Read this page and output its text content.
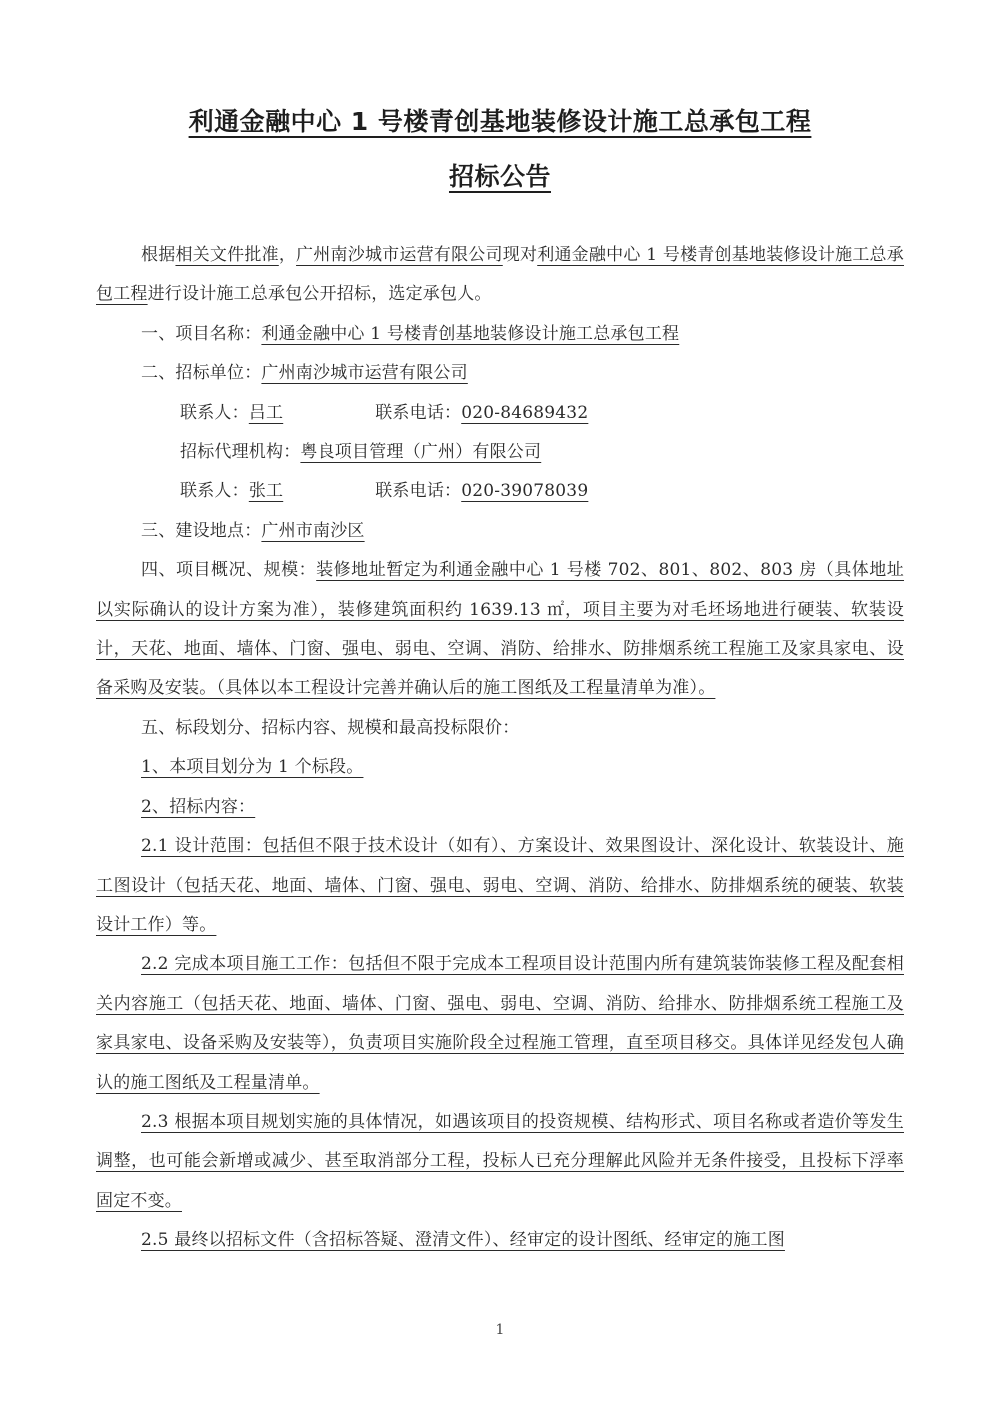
利通金融中心 1 号楼青创基地装修设计施工总承包工程
招标公告

根据相关文件批准，广州南沙城市运营有限公司现对利通金融中心 1 号楼青创基地装修设计施工总承包工程进行设计施工总承包公开招标，选定承包人。

一、项目名称：利通金融中心 1 号楼青创基地装修设计施工总承包工程

二、招标单位：广州南沙城市运营有限公司

联系人：吕工	联系电话：020-84689432

招标代理机构：粤良项目管理（广州）有限公司

联系人：张工	联系电话：020-39078039

三、建设地点：广州市南沙区

四、项目概况、规模：装修地址暂定为利通金融中心 1 号楼 702、801、802、803 房（具体地址以实际确认的设计方案为准），装修建筑面积约 1639.13 ㎡，项目主要为对毛坯场地进行硬装、软装设计，天花、地面、墙体、门窗、强电、弱电、空调、消防、给排水、防排烟系统工程施工及家具家电、设备采购及安装。（具体以本工程设计完善并确认后的施工图纸及工程量清单为准）。

五、标段划分、招标内容、规模和最高投标限价：

1、本项目划分为 1 个标段。

2、招标内容：

2.1 设计范围：包括但不限于技术设计（如有）、方案设计、效果图设计、深化设计、软装设计、施工图设计（包括天花、地面、墙体、门窗、强电、弱电、空调、消防、给排水、防排烟系统的硬装、软装设计工作）等。

2.2 完成本项目施工工作：包括但不限于完成本工程项目设计范围内所有建筑装饰装修工程及配套相关内容施工（包括天花、地面、墙体、门窗、强电、弱电、空调、消防、给排水、防排烟系统工程施工及家具家电、设备采购及安装等），负责项目实施阶段全过程施工管理，直至项目移交。具体详见经发包人确认的施工图纸及工程量清单。

2.3 根据本项目规划实施的具体情况，如遇该项目的投资规模、结构形式、项目名称或者造价等发生调整，也可能会新增或减少、甚至取消部分工程，投标人已充分理解此风险并无条件接受，且投标下浮率固定不变。

2.5 最终以招标文件（含招标答疑、澄清文件）、经审定的设计图纸、经审定的施工图

1
